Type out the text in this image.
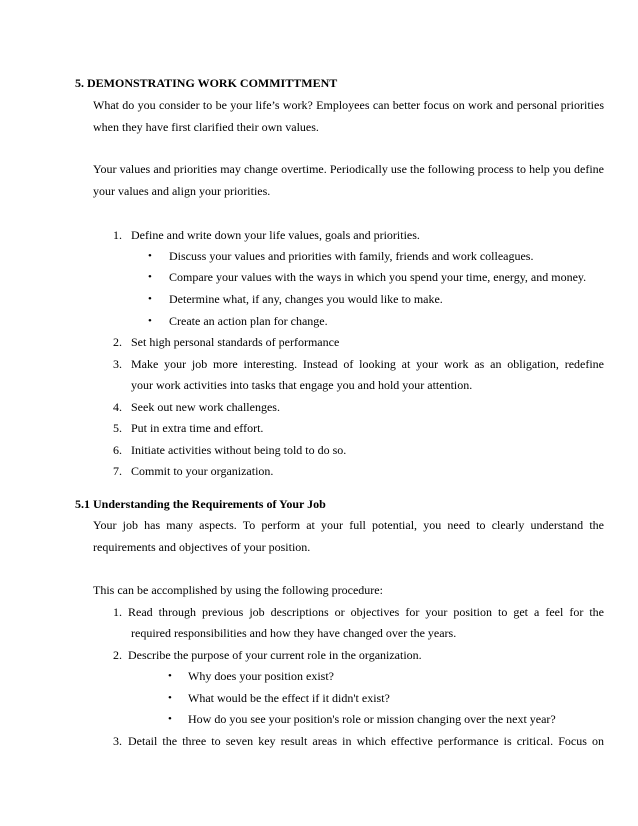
5. DEMONSTRATING WORK COMMITTMENT
What do you consider to be your life’s work? Employees can better focus on work and personal priorities when they have first clarified their own values.
Your values and priorities may change overtime. Periodically use the following process to help you define your values and align your priorities.
1. Define and write down your life values, goals and priorities.
• Discuss your values and priorities with family, friends and work colleagues.
• Compare your values with the ways in which you spend your time, energy, and money.
• Determine what, if any, changes you would like to make.
• Create an action plan for change.
2. Set high personal standards of performance
3. Make your job more interesting. Instead of looking at your work as an obligation, redefine
your work activities into tasks that engage you and hold your attention.
4. Seek out new work challenges.
5. Put in extra time and effort.
6. Initiate activities without being told to do so.
7. Commit to your organization.
5.1 Understanding the Requirements of Your Job
Your job has many aspects. To perform at your full potential, you need to clearly understand the requirements and objectives of your position.
This can be accomplished by using the following procedure:
1. Read through previous job descriptions or objectives for your position to get a feel for the
required responsibilities and how they have changed over the years.
2. Describe the purpose of your current role in the organization.
• Why does your position exist?
• What would be the effect if it didn't exist?
• How do you see your position's role or mission changing over the next year?
3. Detail the three to seven key result areas in which effective performance is critical. Focus on
